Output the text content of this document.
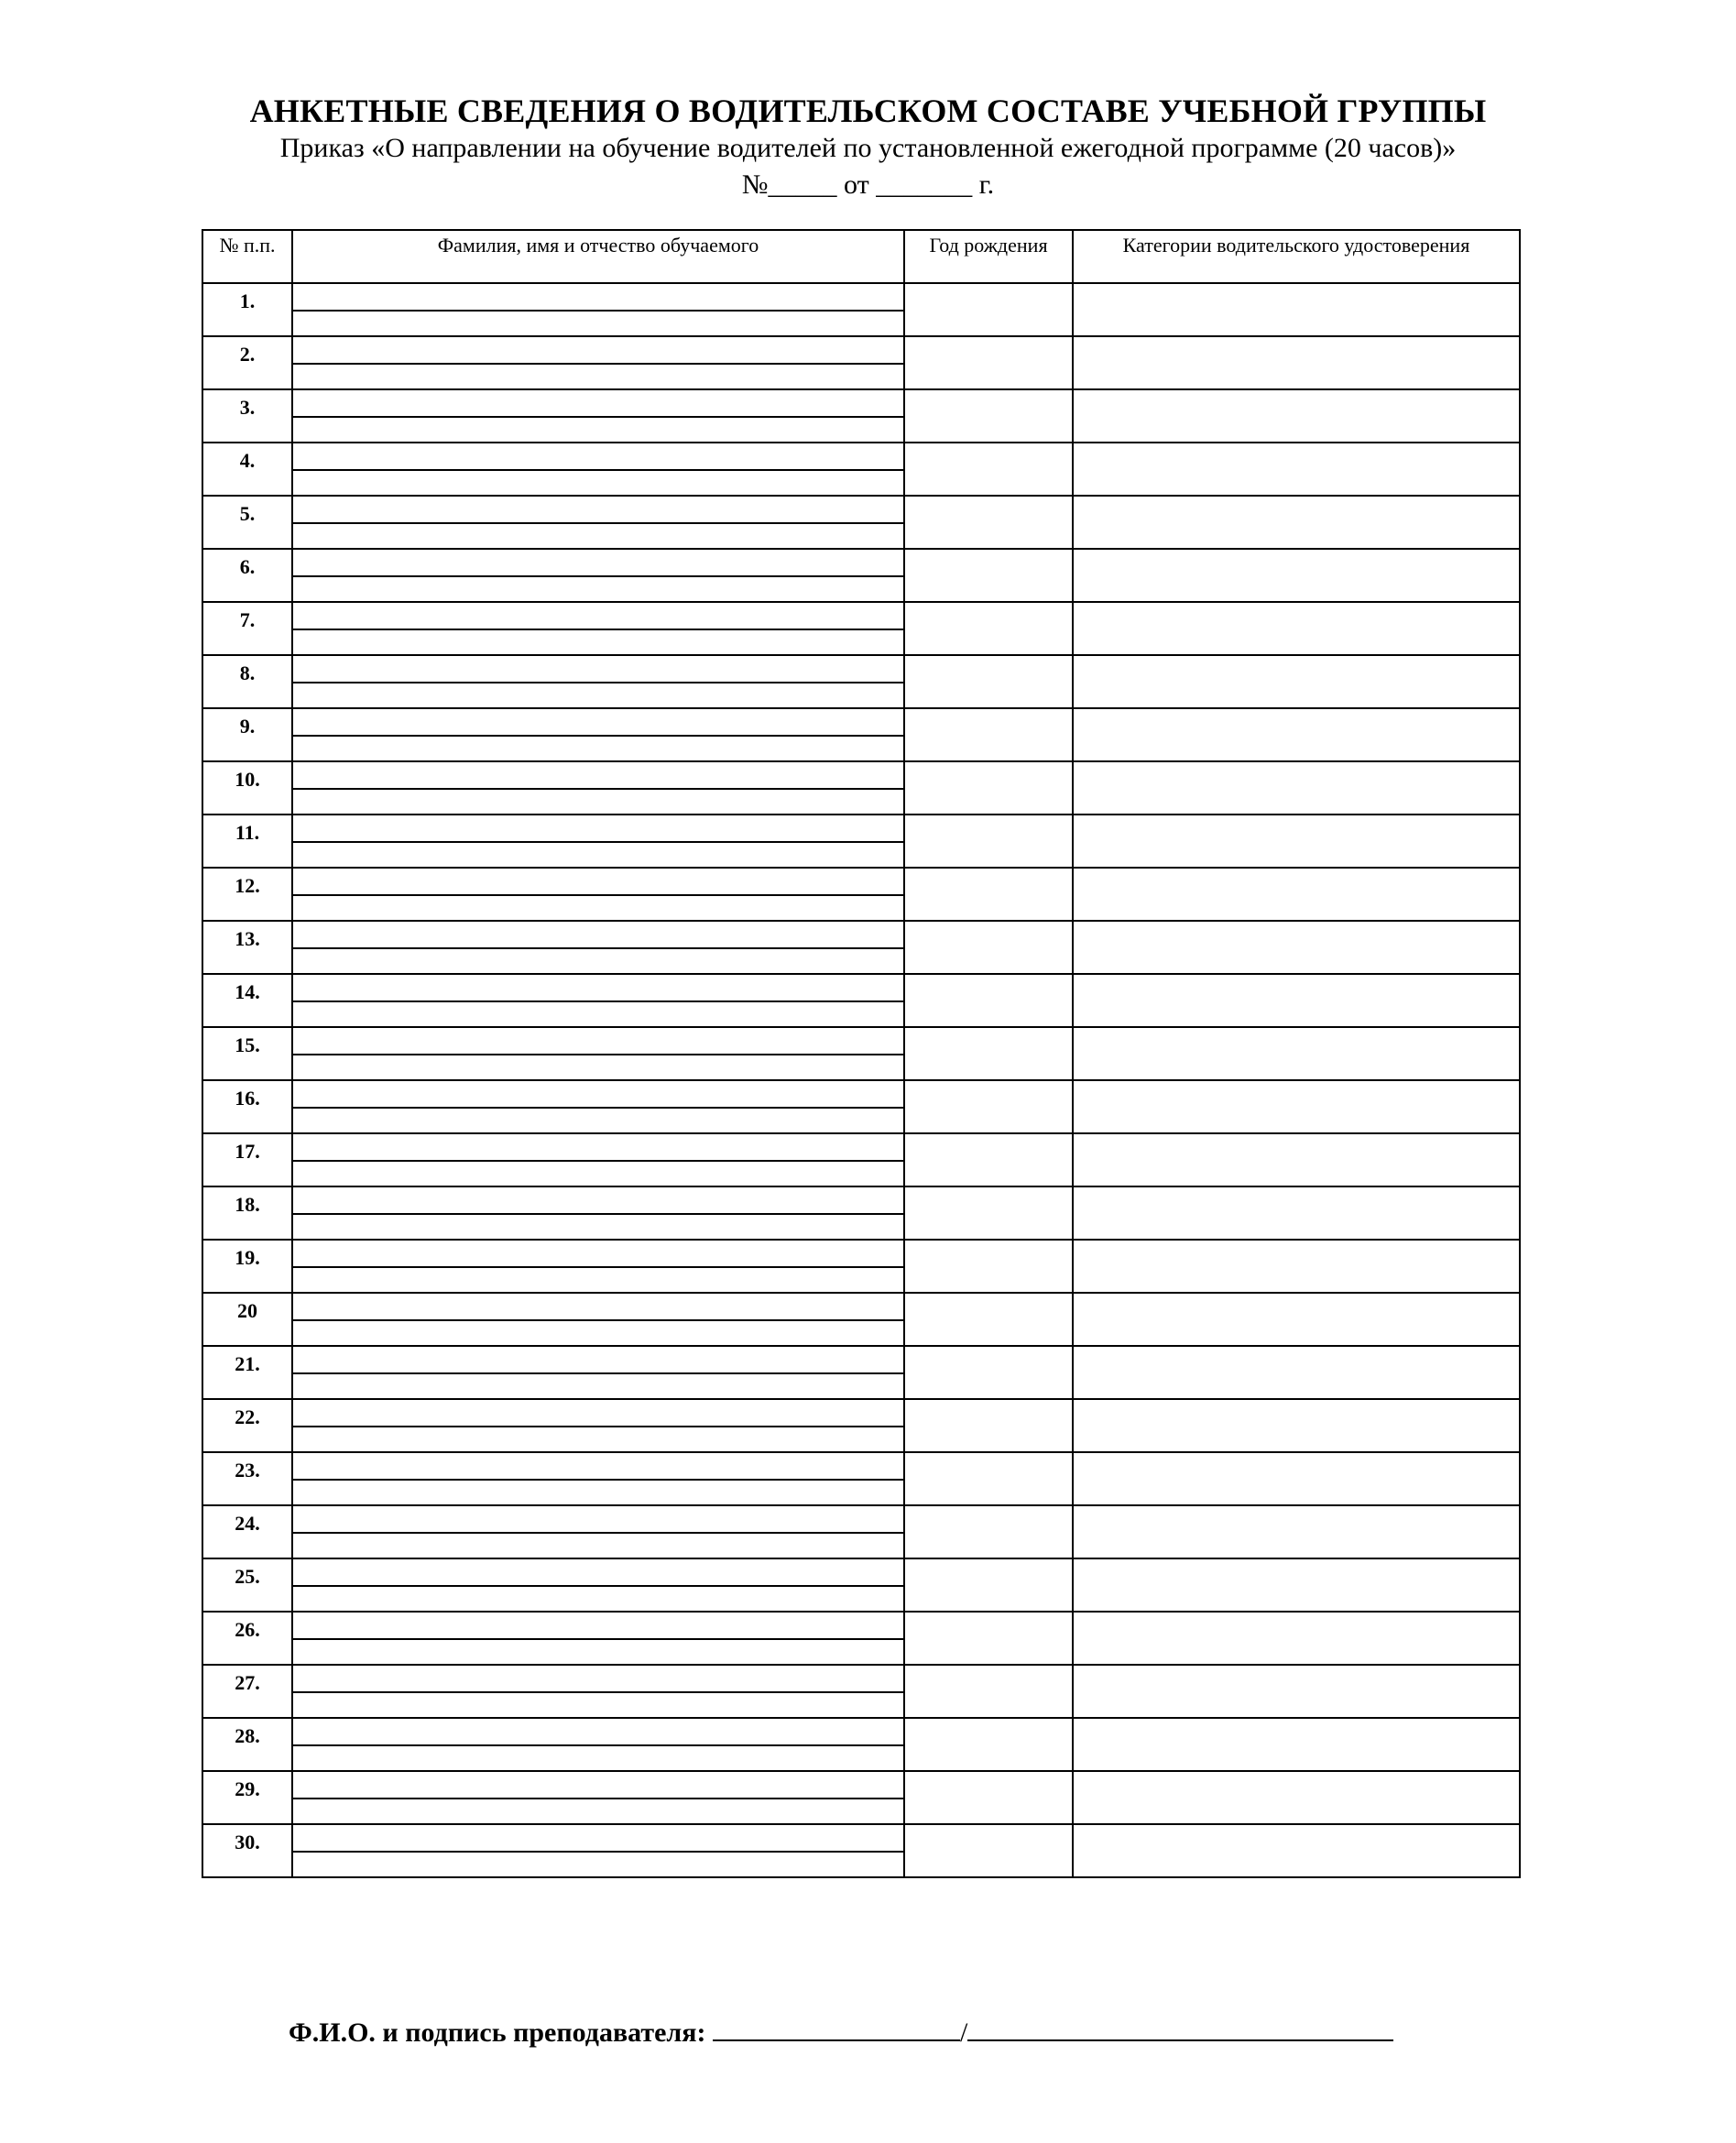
АНКЕТНЫЕ СВЕДЕНИЯ О ВОДИТЕЛЬСКОМ СОСТАВЕ УЧЕБНОЙ ГРУППЫ
Приказ «О направлении на обучение водителей по установленной ежегодной программе (20 часов)»
№_____ от _______ г.
№ п.п.	Фамилия, имя и отчество обучаемого	Год рождения	Категории водительского удостоверения
1.	

2.	

3.	

4.	

5.	

6.	

7.	

8.	

9.	

10.	

11.	

12.	

13.	

14.	

15.	

16.	

17.	

18.	

19.	

20	

21.	

22.	

23.	

24.	

25.	

26.	

27.	

28.	

29.	

30.	

Ф.И.О. и подпись преподавателя:	/
